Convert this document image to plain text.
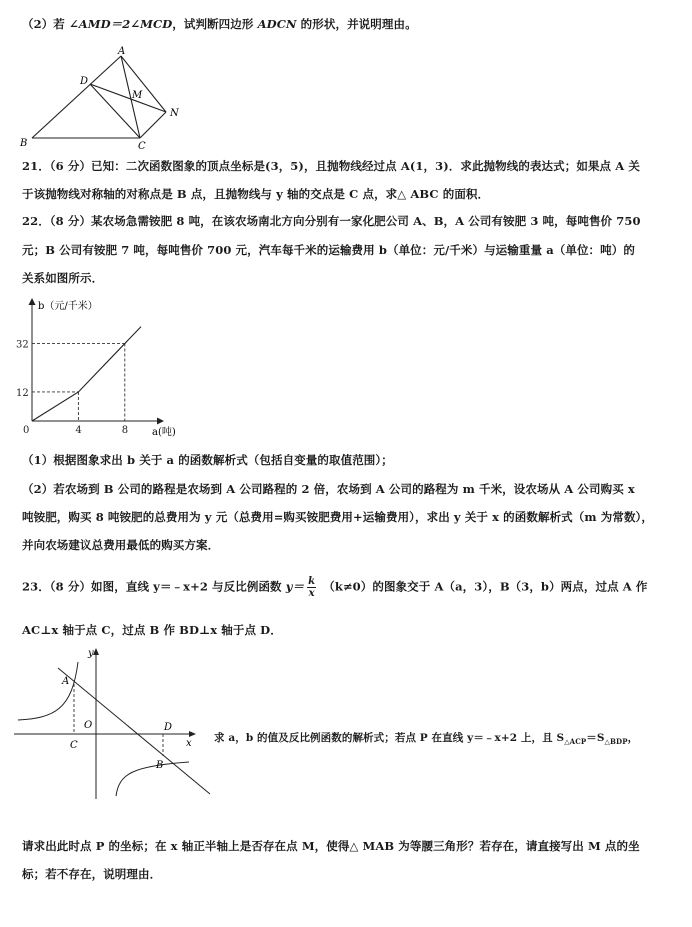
（2）若 ∠AMD＝2∠MCD，试判断四边形 ADCN 的形状，并说明理由。
A
D
M
N
B	C
21．（6 分）已知：二次函数图象的顶点坐标是(3，5)，且抛物线经过点 A(1，3)．求此抛物线的表达式；如果点 A 关
于该抛物线对称轴的对称点是 B 点，且抛物线与 y 轴的交点是 C 点，求△ ABC 的面积．
22．（8 分）某农场急需铵肥 8 吨，在该农场南北方向分别有一家化肥公司 A、B，A 公司有铵肥 3 吨，每吨售价 750
元；B 公司有铵肥 7 吨，每吨售价 700 元，汽车每千米的运输费用 b（单位：元/千米）与运输重量 a（单位：吨）的
关系如图所示．
0	4	8
12
32
b（元/千米）
a(吨)
（1）根据图象求出 b 关于 a 的函数解析式（包括自变量的取值范围）；
（2）若农场到 B 公司的路程是农场到 A 公司路程的 2 倍，农场到 A 公司的路程为 m 千米，设农场从 A 公司购买 x
吨铵肥，购买 8 吨铵肥的总费用为 y 元（总费用=购买铵肥费用+运输费用），求出 y 关于 x 的函数解析式（m 为常数），
并向农场建议总费用最低的购买方案．
23．（8 分）如图，直线 y＝﹣x+2 与反比例函数 $y= \frac{k}{x} (k\ne 0)$的图象交于 A（a，3），B（3，b）两点，过点 A 作
AC⊥x 轴于点 C，过点 B 作 BD⊥x 轴于点 D．
y
x
A
O	D
C
B
求 a，b 的值及反比例函数的解析式；若点 P 在直线 y＝﹣x+2 上，且 $S_{\triangle ACP}=S_{\triangle BDP}$，
请求出此时点 P 的坐标；在 x 轴正半轴上是否存在点 M，使得△ MAB 为等腰三角形？若存在，请直接写出 M 点的坐
标；若不存在，说明理由．
